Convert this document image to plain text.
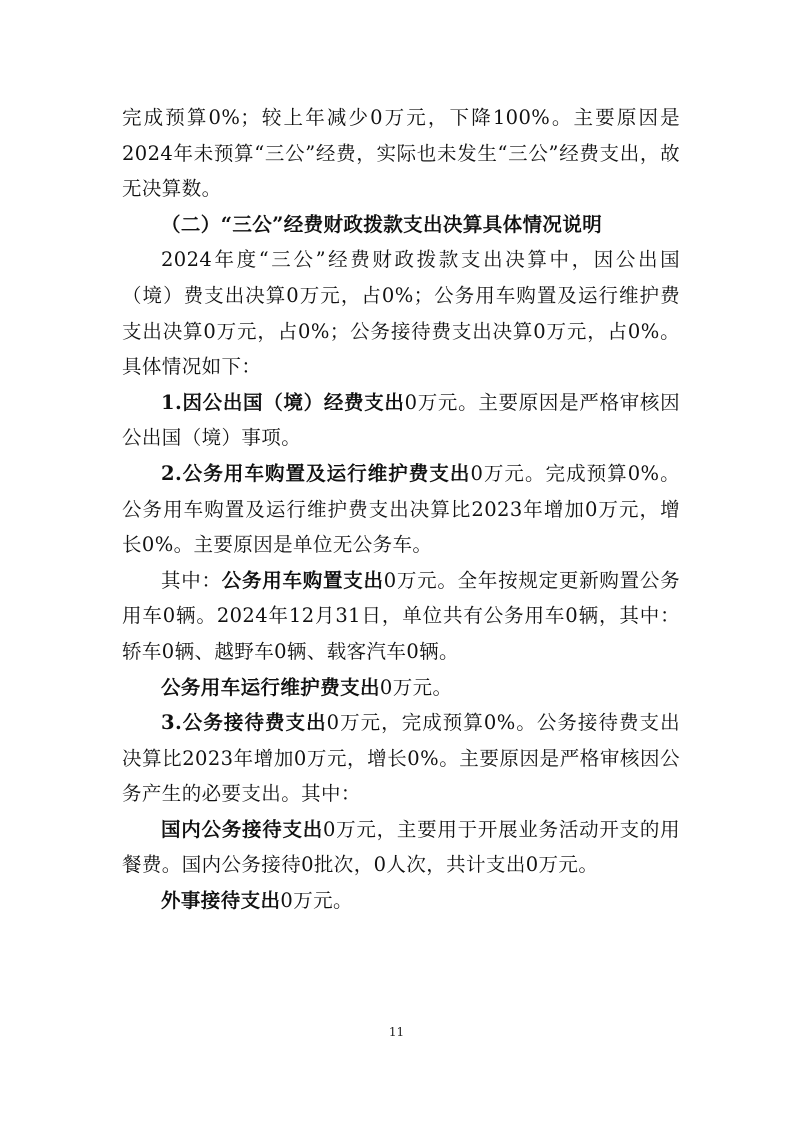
完成预算0%；较上年减少0万元，下降100%。主要原因是2024年未预算“三公”经费，实际也未发生“三公”经费支出，故无决算数。

（二）“三公”经费财政拨款支出决算具体情况说明

2024年度“三公”经费财政拨款支出决算中，因公出国（境）费支出决算0万元，占0%；公务用车购置及运行维护费支出决算0万元，占0%；公务接待费支出决算0万元，占0%。具体情况如下：

1.因公出国（境）经费支出0万元。主要原因是严格审核因公出国（境）事项。

2.公务用车购置及运行维护费支出0万元。完成预算0%。公务用车购置及运行维护费支出决算比2023年增加0万元，增长0%。主要原因是单位无公务车。

其中：公务用车购置支出0万元。全年按规定更新购置公务用车0辆。2024年12月31日，单位共有公务用车0辆，其中：轿车0辆、越野车0辆、载客汽车0辆。

公务用车运行维护费支出0万元。

3.公务接待费支出0万元，完成预算0%。公务接待费支出决算比2023年增加0万元，增长0%。主要原因是严格审核因公务产生的必要支出。其中：

国内公务接待支出0万元，主要用于开展业务活动开支的用餐费。国内公务接待0批次，0人次，共计支出0万元。

外事接待支出0万元。

11
